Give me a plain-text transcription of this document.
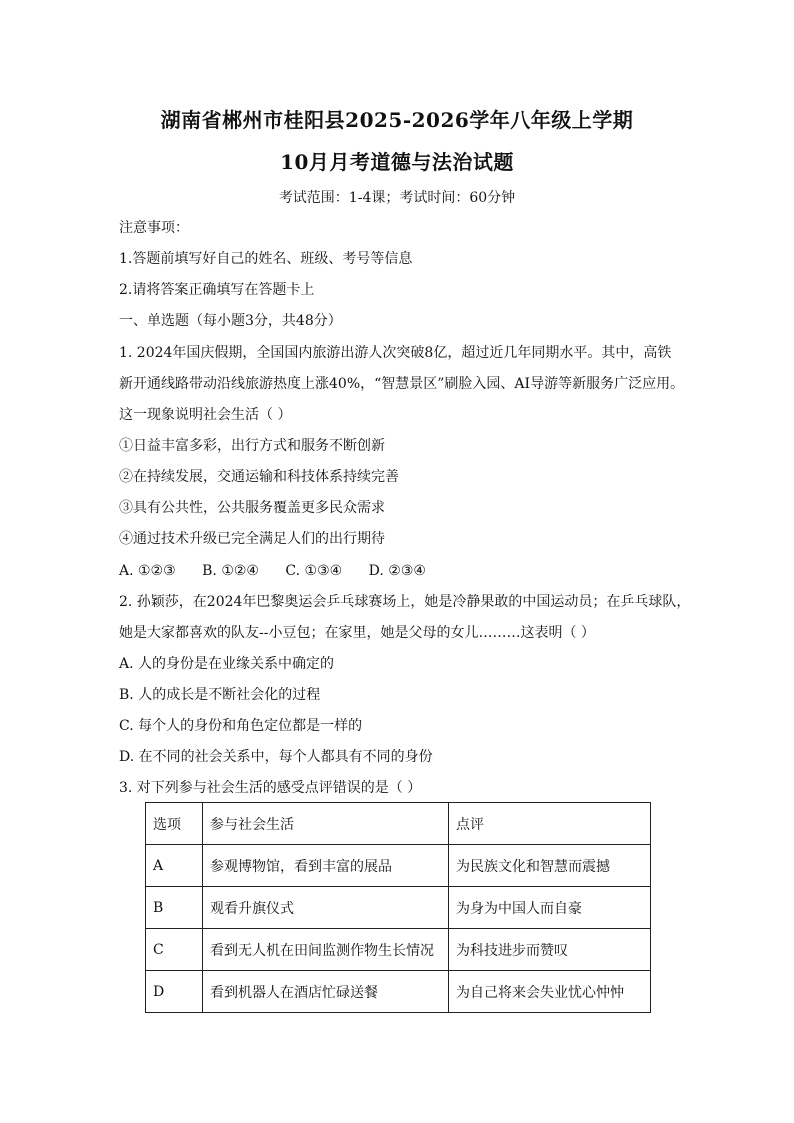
湖南省郴州市桂阳县2025-2026学年八年级上学期
10月月考道德与法治试题
考试范围：1-4课；考试时间：60分钟
注意事项：
1.答题前填写好自己的姓名、班级、考号等信息
2.请将答案正确填写在答题卡上
一、单选题（每小题3分，共48分）
1. 2024年国庆假期，全国国内旅游出游人次突破8亿，超过近几年同期水平。其中，高铁
新开通线路带动沿线旅游热度上涨40%，“智慧景区”刷脸入园、AI导游等新服务广泛应用。
这一现象说明社会生活（ ）
①日益丰富多彩，出行方式和服务不断创新
②在持续发展，交通运输和科技体系持续完善
③具有公共性，公共服务覆盖更多民众需求
④通过技术升级已完全满足人们的出行期待
A. ①②③ B. ①②④ C. ①③④ D. ②③④
2. 孙颖莎，在2024年巴黎奥运会乒乓球赛场上，她是冷静果敢的中国运动员；在乒乓球队，
她是大家都喜欢的队友--小豆包；在家里，她是父母的女儿………这表明（ ）
A. 人的身份是在业缘关系中确定的
B. 人的成长是不断社会化的过程
C. 每个人的身份和角色定位都是一样的
D. 在不同的社会关系中，每个人都具有不同的身份
3. 对下列参与社会生活的感受点评错误的是（ ）
选项	参与社会生活	点评
A	参观博物馆，看到丰富的展品	为民族文化和智慧而震撼
B	观看升旗仪式	为身为中国人而自豪
C	看到无人机在田间监测作物生长情况	为科技进步而赞叹
D	看到机器人在酒店忙碌送餐	为自己将来会失业忧心忡忡
